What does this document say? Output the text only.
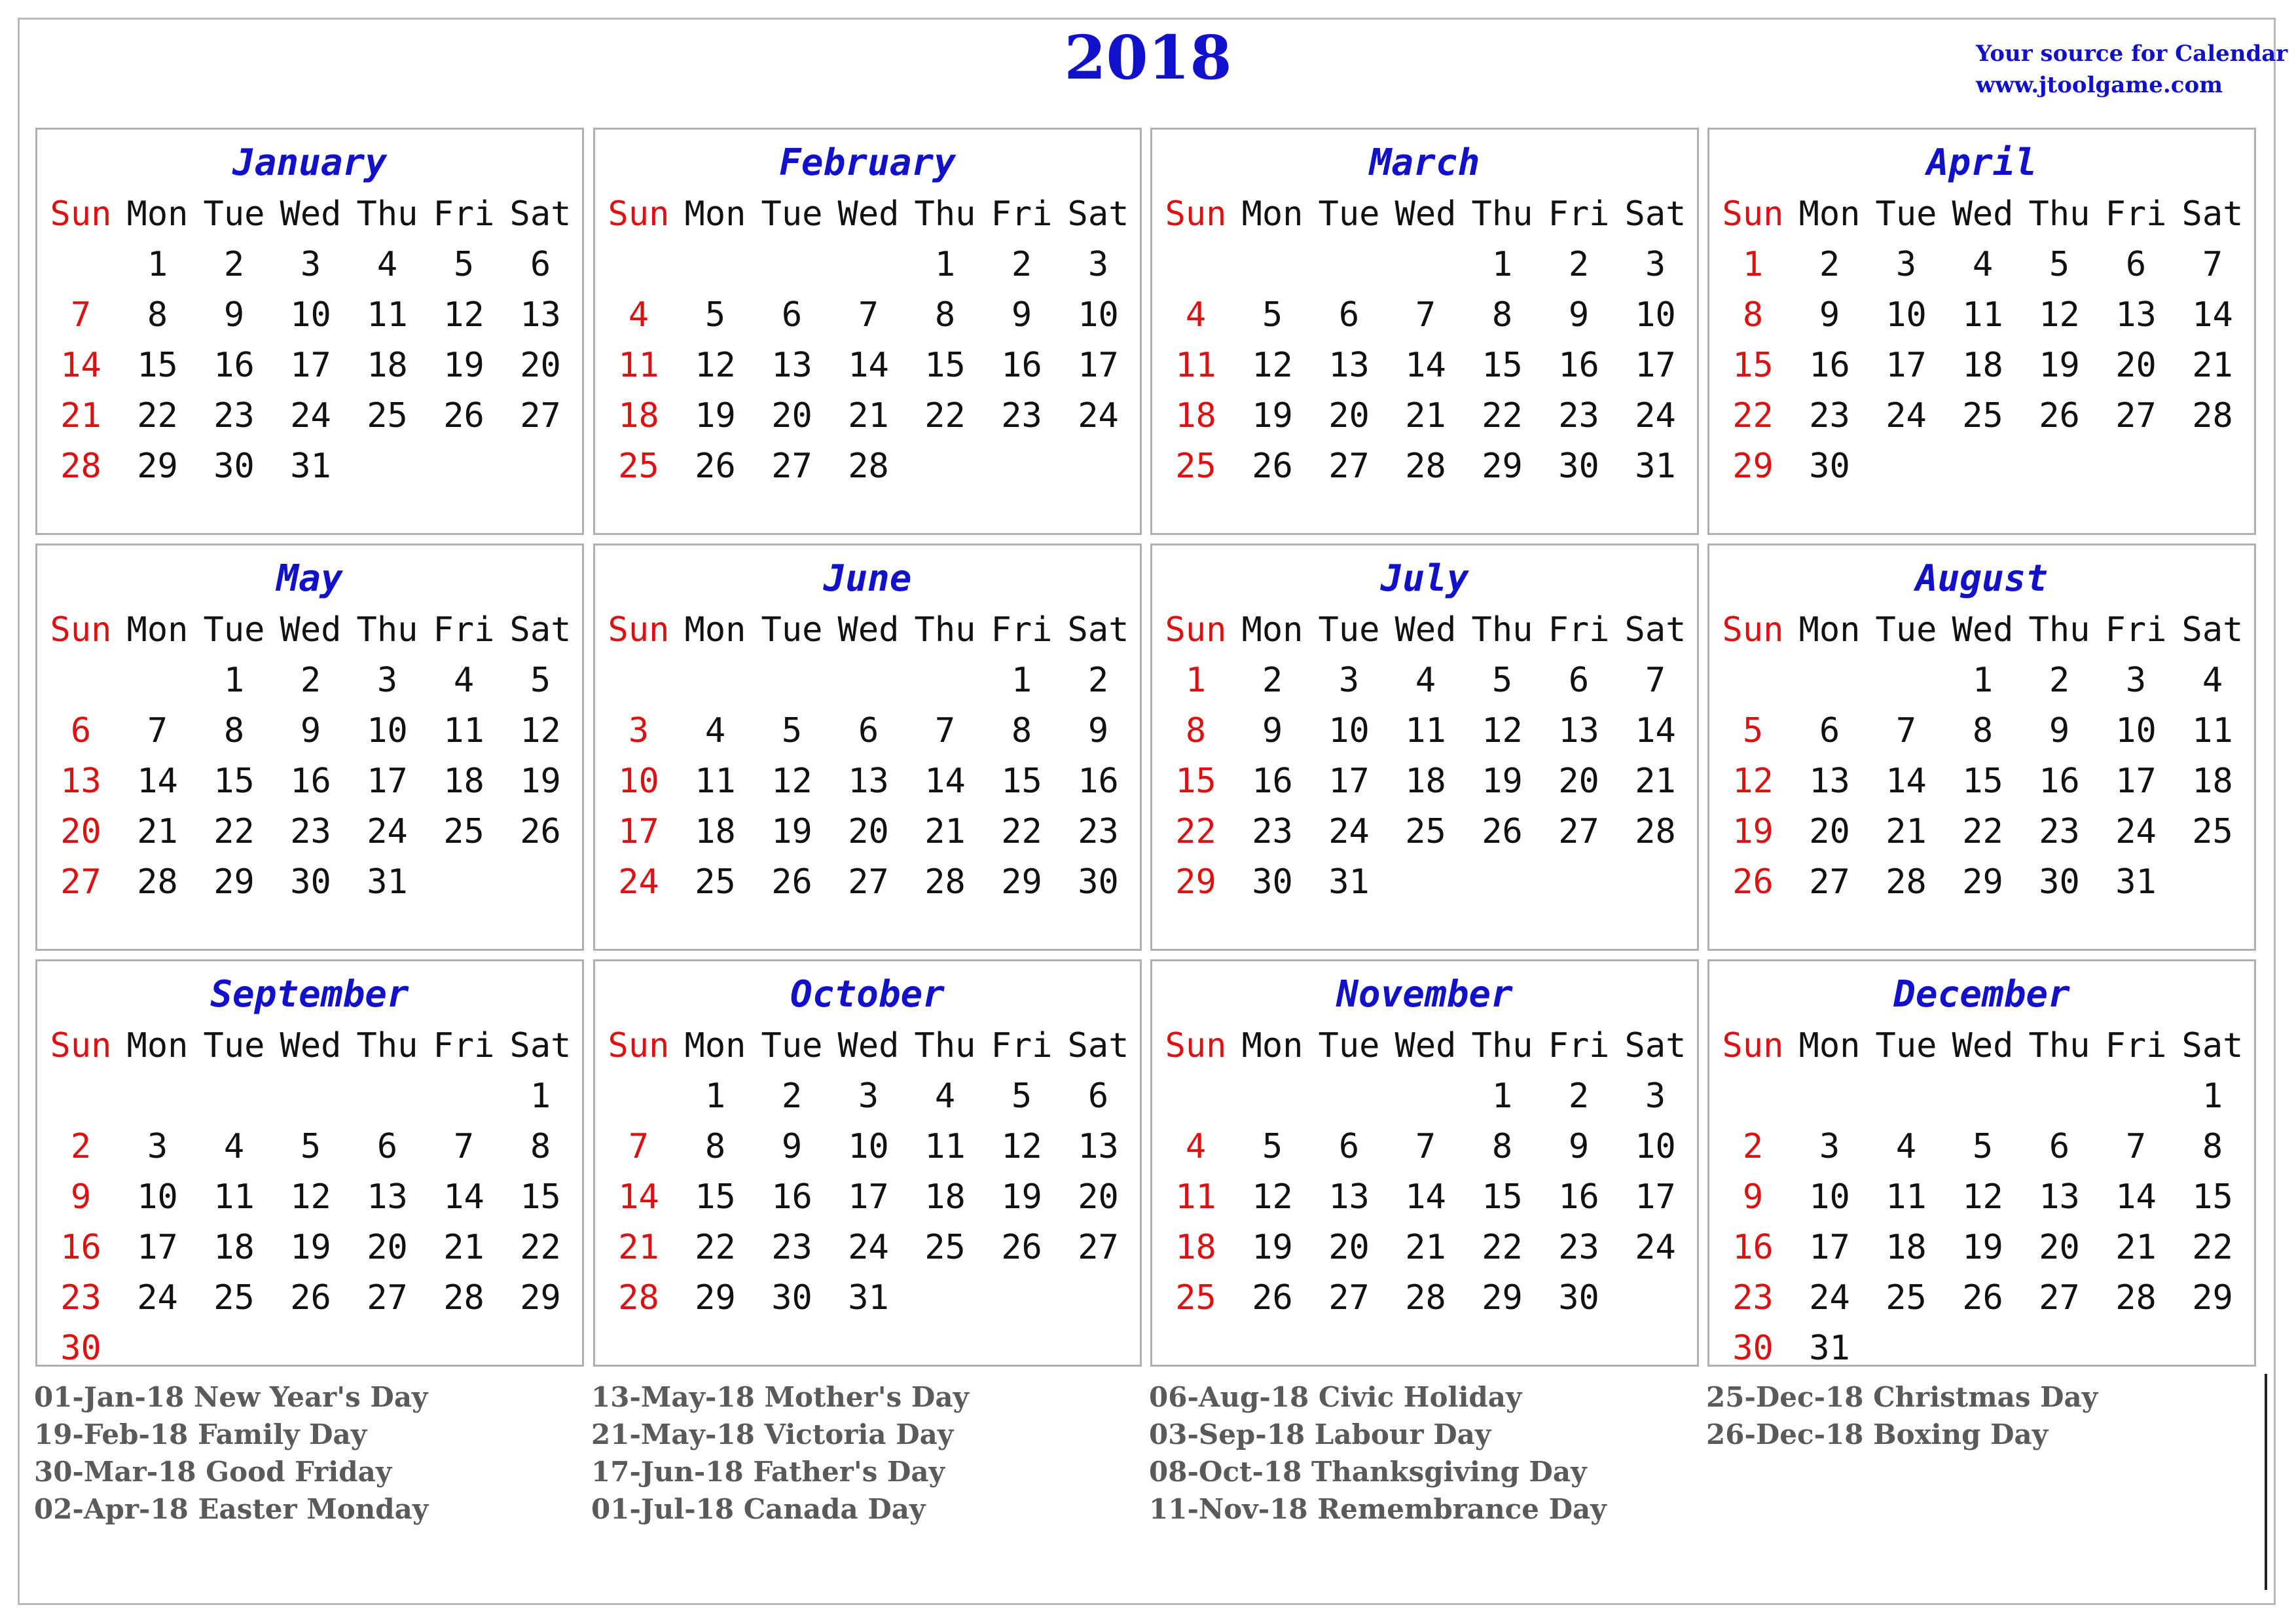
2018	Your source for Calendar
www.jtoolgame.com
January
Sun	Mon	Tue	Wed	Thu	Fri	Sat
	1	2	3	4	5	6
7	8	9	10	11	12	13
14	15	16	17	18	19	20
21	22	23	24	25	26	27
28	29	30	31			
February
Sun	Mon	Tue	Wed	Thu	Fri	Sat
				1	2	3
4	5	6	7	8	9	10
11	12	13	14	15	16	17
18	19	20	21	22	23	24
25	26	27	28			
March
Sun	Mon	Tue	Wed	Thu	Fri	Sat
				1	2	3
4	5	6	7	8	9	10
11	12	13	14	15	16	17
18	19	20	21	22	23	24
25	26	27	28	29	30	31
April
Sun	Mon	Tue	Wed	Thu	Fri	Sat
1	2	3	4	5	6	7
8	9	10	11	12	13	14
15	16	17	18	19	20	21
22	23	24	25	26	27	28
29	30					
May
Sun	Mon	Tue	Wed	Thu	Fri	Sat
		1	2	3	4	5
6	7	8	9	10	11	12
13	14	15	16	17	18	19
20	21	22	23	24	25	26
27	28	29	30	31		
June
Sun	Mon	Tue	Wed	Thu	Fri	Sat
					1	2
3	4	5	6	7	8	9
10	11	12	13	14	15	16
17	18	19	20	21	22	23
24	25	26	27	28	29	30
July
Sun	Mon	Tue	Wed	Thu	Fri	Sat
1	2	3	4	5	6	7
8	9	10	11	12	13	14
15	16	17	18	19	20	21
22	23	24	25	26	27	28
29	30	31				
August
Sun	Mon	Tue	Wed	Thu	Fri	Sat
			1	2	3	4
5	6	7	8	9	10	11
12	13	14	15	16	17	18
19	20	21	22	23	24	25
26	27	28	29	30	31	
September
Sun	Mon	Tue	Wed	Thu	Fri	Sat
						1
2	3	4	5	6	7	8
9	10	11	12	13	14	15
16	17	18	19	20	21	22
23	24	25	26	27	28	29
30						
October
Sun	Mon	Tue	Wed	Thu	Fri	Sat
	1	2	3	4	5	6
7	8	9	10	11	12	13
14	15	16	17	18	19	20
21	22	23	24	25	26	27
28	29	30	31			
November
Sun	Mon	Tue	Wed	Thu	Fri	Sat
				1	2	3
4	5	6	7	8	9	10
11	12	13	14	15	16	17
18	19	20	21	22	23	24
25	26	27	28	29	30	
December
Sun	Mon	Tue	Wed	Thu	Fri	Sat
						1
2	3	4	5	6	7	8
9	10	11	12	13	14	15
16	17	18	19	20	21	22
23	24	25	26	27	28	29
30	31					
01-Jan-18 New Year's Day
19-Feb-18 Family Day
30-Mar-18 Good Friday
02-Apr-18 Easter Monday
13-May-18 Mother's Day
21-May-18 Victoria Day
17-Jun-18 Father's Day
01-Jul-18 Canada Day
06-Aug-18 Civic Holiday
03-Sep-18 Labour Day
08-Oct-18 Thanksgiving Day
11-Nov-18 Remembrance Day
25-Dec-18 Christmas Day
26-Dec-18 Boxing Day
